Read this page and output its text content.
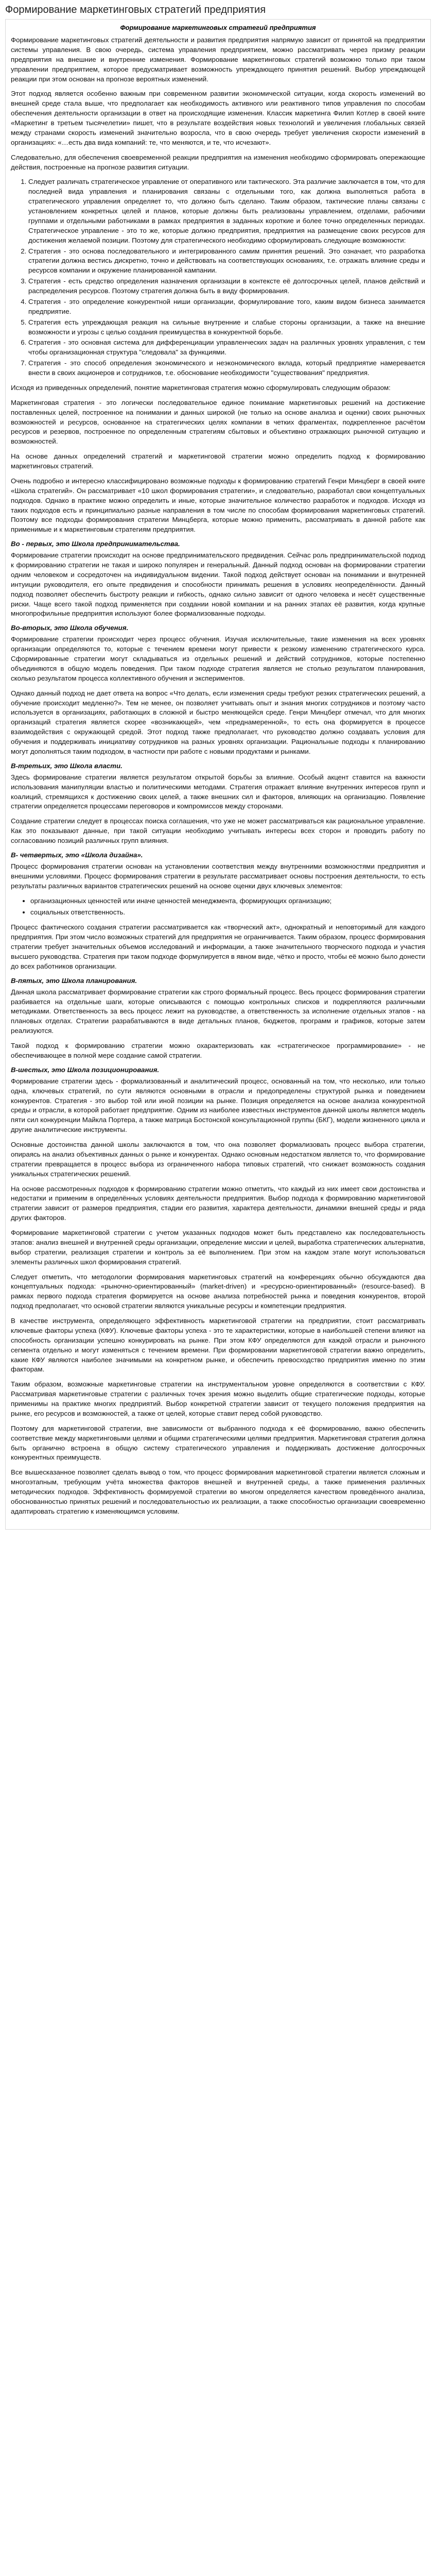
Формирование маркетинговых стратегий предприятия
Формирование маркетинговых стратегий предприятия

Формирование маркетинговых стратегий деятельности и развития предприятия напрямую зависит от принятой на предприятии системы управления. В свою очередь, система управления предприятием, можно рассматривать через призму реакции предприятия на внешние и внутренние изменения. Формирование маркетинговых стратегий возможно только при таком управлении предприятием, которое предусматривает возможность упреждающего принятия решений. Выбор упреждающей реакции при этом основан на прогнозе вероятных изменений.

Этот подход является особенно важным при современном развитии экономической ситуации, когда скорость изменений во внешней среде стала выше, что предполагает как необходимость активного или реактивного типов управления по способам обеспечения деятельности организации в ответ на происходящие изменения. Классик маркетинга Филип Котлер в своей книге «Маркетинг в третьем тысячелетии» пишет, что в результате воздействия новых технологий и увеличения глобальных связей между странами скорость изменений значительно возросла, что в свою очередь требует увеличения скорости изменений в организациях: «…есть два вида компаний: те, что меняются, и те, что исчезают».

Следовательно, для обеспечения своевременной реакции предприятия на изменения необходимо сформировать опережающие действия, построенные на прогнозе развития ситуации.

1. Следует различать стратегическое управление от оперативного или тактического. Эта различие заключается в том, что для последней вида управления и планирования связаны с отдельными того, как должна выполняться работа в стратегического управления определяет то, что должно быть сделано. Таким образом, тактические планы связаны с установлением конкретных целей и планов, которые должны быть реализованы управлением, отделами, рабочими группами и отдельными работниками в рамках предприятия в заданных короткие и более точно определенных периодах. Стратегическое управление - это то же, которые должно предприятия, предприятия на размещение своих ресурсов для достижения желаемой позиции. Поэтому для стратегического необходимо сформулировать следующие возможности:
2. Стратегия - это основа последовательного и интегрированного самим принятия решений. Это означает, что разработка стратегии должна вестись дискретно, точно и действовать на соответствующих основаниях, т.е. отражать влияние среды и ресурсов компании и окружение планированной кампании.
3. Стратегия - есть средство определения назначения организации в контексте её долгосрочных целей, планов действий и распределения ресурсов. Поэтому стратегия должна быть в виду формирования.
4. Стратегия - это определение конкурентной ниши организации, формулирование того, каким видом бизнеса занимается предприятие.
5. Стратегия есть упреждающая реакция на сильные внутренние и слабые стороны организации, а также на внешние возможности и угрозы с целью создания преимущества в конкурентной борьбе.
6. Стратегия - это основная система для дифференциации управленческих задач на различных уровнях управления, с тем чтобы организационная структура "следовала" за функциями.
7. Стратегия - это способ определения экономического и неэкономического вклада, который предприятие намеревается внести в своих акционеров и сотрудников, т.е. обоснование необходимости "существования" предприятия.

Исходя из приведенных определений, понятие маркетинговая стратегия можно сформулировать следующим образом:

Маркетинговая стратегия - это логически последовательное единое понимание маркетинговых решений на достижение поставленных целей, построенное на понимании и данных широкой (не только на основе анализа и оценки) своих рыночных возможностей и ресурсов, основанное на стратегических целях компании в четких фрагментах, подкрепленное расчётом ресурсов и резервов, построенное по определенным стратегиям сбытовых и объективно отражающих рыночной ситуацию и возможностей.

На основе данных определений стратегий и маркетинговой стратегии можно определить подход к формированию маркетинговых стратегий.

Очень подробно и интересно классифицировано возможные подходы к формированию стратегий Генри Минцберг в своей книге «Школа стратегий». Он рассматривает «10 школ формирования стратегии», и следовательно, разработал свои концептуальных подходов. Однако в практике можно определить и иные, которые значительное количество разработок и подходов. Исходя из таких подходов есть и принципиально разные направления в том числе по способам формирования маркетинговых стратегий. Поэтому все подходы формирования стратегии Минцберга, которые можно применить, рассматривать в данной работе как применимые и к маркетинговым стратегиям предприятия.

Во - первых, это Школа предпринимательства.

Формирование стратегии происходит на основе предпринимательского предвидения. Сейчас роль предпринимательской подход к формированию стратегии не такая и широко популярен и генеральный. Данный подход основан на формировании стратегии одним человеком и сосредоточен на индивидуальном видении. Такой подход действует основан на понимании и внутренней интуиции руководителя, его опыте предвидения и способности принимать решения в условиях неопределённости. Данный подход позволяет обеспечить быстроту реакции и гибкость, однако сильно зависит от одного человека и несёт существенные риски. Чаще всего такой подход применяется при создании новой компании и на ранних этапах её развития, когда крупные многопрофильные предприятия используют более формализованные подходы.

Во-вторых, это Школа обучения.

Формирование стратегии происходит через процесс обучения. Изучая исключительные, такие изменения на всех уровнях организации определяются то, которые с течением времени могут привести к резкому изменению стратегического курса. Сформированные стратегии могут складываться из отдельных решений и действий сотрудников, которые постепенно объединяются в общую модель поведения. При таком подходе стратегия является не столько результатом планирования, сколько результатом процесса коллективного обучения и экспериментов.

Однако данный подход не дает ответа на вопрос «Что делать, если изменения среды требуют резких стратегических решений, а обучение происходит медленно?». Тем не менее, он позволяет учитывать опыт и знания многих сотрудников и поэтому часто используется в организациях, работающих в сложной и быстро меняющейся среде. Генри Минцберг отмечал, что для многих организаций стратегия является скорее «возникающей», чем «преднамеренной», то есть она формируется в процессе взаимодействия с окружающей средой. Этот подход также предполагает, что руководство должно создавать условия для обучения и поддерживать инициативу сотрудников на разных уровнях организации. Рациональные подходы к планированию могут дополняться таким подходом, в частности при работе с новыми продуктами и рынками.

В-третьих, это Школа власти.

Здесь формирование стратегии является результатом открытой борьбы за влияние. Особый акцент ставится на важности использования манипуляции властью и политическими методами. Стратегия отражает влияние внутренних интересов групп и коалиций, стремящихся к достижению своих целей, а также внешних сил и факторов, влияющих на организацию. Появление стратегии определяется процессами переговоров и компромиссов между сторонами.

Создание стратегии следует в процессах поиска соглашения, что уже не может рассматриваться как рациональное управление. Как это показывают данные, при такой ситуации необходимо учитывать интересы всех сторон и проводить работу по согласованию позиций различных групп влияния.

В- четвертых, это «Школа дизайна».

Процесс формирования стратегии основан на установлении соответствия между внутренними возможностями предприятия и внешними условиями. Процесс формирования стратегии в результате рассматривает основы построения деятельности, то есть результаты различных вариантов стратегических решений на основе оценки двух ключевых элементов:

• организационных ценностей или иначе ценностей менеджмента, формирующих организацию;
• социальных ответственность.

Процесс фактического создания стратегии рассматривается как «творческий акт», однократный и неповторимый для каждого предприятия. При этом число возможных стратегий для предприятия не ограничивается. Таким образом, процесс формирования стратегии требует значительных объемов исследований и информации, а также значительного творческого подхода и участия высшего руководства. Стратегия при таком подходе формулируется в явном виде, чётко и просто, чтобы её можно было донести до всех работников организации.

В-пятых, это Школа планирования.

Данная школа рассматривает формирование стратегии как строго формальный процесс. Весь процесс формирования стратегии разбивается на отдельные шаги, которые описываются с помощью контрольных списков и подкрепляются различными методиками. Ответственность за весь процесс лежит на руководстве, а ответственность за исполнение отдельных этапов - на плановых отделах. Стратегии разрабатываются в виде детальных планов, бюджетов, программ и графиков, которые затем реализуются.

Такой подход к формированию стратегии можно охарактеризовать как «стратегическое программирование» - не обеспечивающее в полной мере создание самой стратегии.

В-шестых, это Школа позиционирования.

Формирование стратегии здесь - формализованный и аналитический процесс, основанный на том, что несколько, или только одна, ключевых стратегий, по сути являются основными в отрасли и предопределены структурой рынка и поведением конкурентов. Стратегия - это выбор той или иной позиции на рынке. Позиция определяется на основе анализа конкурентной среды и отрасли, в которой работает предприятие. Одним из наиболее известных инструментов данной школы является модель пяти сил конкуренции Майкла Портера, а также матрица Бостонской консультационной группы (БКГ), модели жизненного цикла и другие аналитические инструменты.

Основные достоинства данной школы заключаются в том, что она позволяет формализовать процесс выбора стратегии, опираясь на анализ объективных данных о рынке и конкурентах. Однако основным недостатком является то, что формирование стратегии превращается в процесс выбора из ограниченного набора типовых стратегий, что снижает возможность создания уникальных стратегических решений.

На основе рассмотренных подходов к формированию стратегии можно отметить, что каждый из них имеет свои достоинства и недостатки и применим в определённых условиях деятельности предприятия. Выбор подхода к формированию маркетинговой стратегии зависит от размеров предприятия, стадии его развития, характера деятельности, динамики внешней среды и ряда других факторов.

Формирование маркетинговой стратегии с учетом указанных подходов может быть представлено как последовательность этапов: анализ внешней и внутренней среды организации, определение миссии и целей, выработка стратегических альтернатив, выбор стратегии, реализация стратегии и контроль за её выполнением. При этом на каждом этапе могут использоваться элементы различных школ формирования стратегий.

Следует отметить, что методологии формирования маркетинговых стратегий на конференциях обычно обсуждаются два концептуальных подхода: «рыночно-ориентированный» (market-driven) и «ресурсно-ориентированный» (resource-based). В рамках первого подхода стратегия формируется на основе анализа потребностей рынка и поведения конкурентов, второй подход предполагает, что основой стратегии являются уникальные ресурсы и компетенции предприятия.

В качестве инструмента, определяющего эффективность маркетинговой стратегии на предприятии, стоит рассматривать ключевые факторы успеха (КФУ). Ключевые факторы успеха - это те характеристики, которые в наибольшей степени влияют на способность организации успешно конкурировать на рынке. При этом КФУ определяются для каждой отрасли и рыночного сегмента отдельно и могут изменяться с течением времени. При формировании маркетинговой стратегии важно определить, какие КФУ являются наиболее значимыми на конкретном рынке, и обеспечить превосходство предприятия именно по этим факторам.

Таким образом, возможные маркетинговые стратегии на инструментальном уровне определяются в соответствии с КФУ. Рассматривая маркетинговые стратегии с различных точек зрения можно выделить общие стратегические подходы, которые применимы на практике многих предприятий. Выбор конкретной стратегии зависит от текущего положения предприятия на рынке, его ресурсов и возможностей, а также от целей, которые ставит перед собой руководство.

Поэтому для маркетинговой стратегии, вне зависимости от выбранного подхода к её формированию, важно обеспечить соответствие между маркетинговыми целями и общими стратегическими целями предприятия. Маркетинговая стратегия должна быть органично встроена в общую систему стратегического управления и поддерживать достижение долгосрочных конкурентных преимуществ.

Все вышесказанное позволяет сделать вывод о том, что процесс формирования маркетинговой стратегии является сложным и многоэтапным, требующим учёта множества факторов внешней и внутренней среды, а также применения различных методических подходов. Эффективность формируемой стратегии во многом определяется качеством проведённого анализа, обоснованностью принятых решений и последовательностью их реализации, а также способностью организации своевременно адаптировать стратегию к изменяющимся условиям.
